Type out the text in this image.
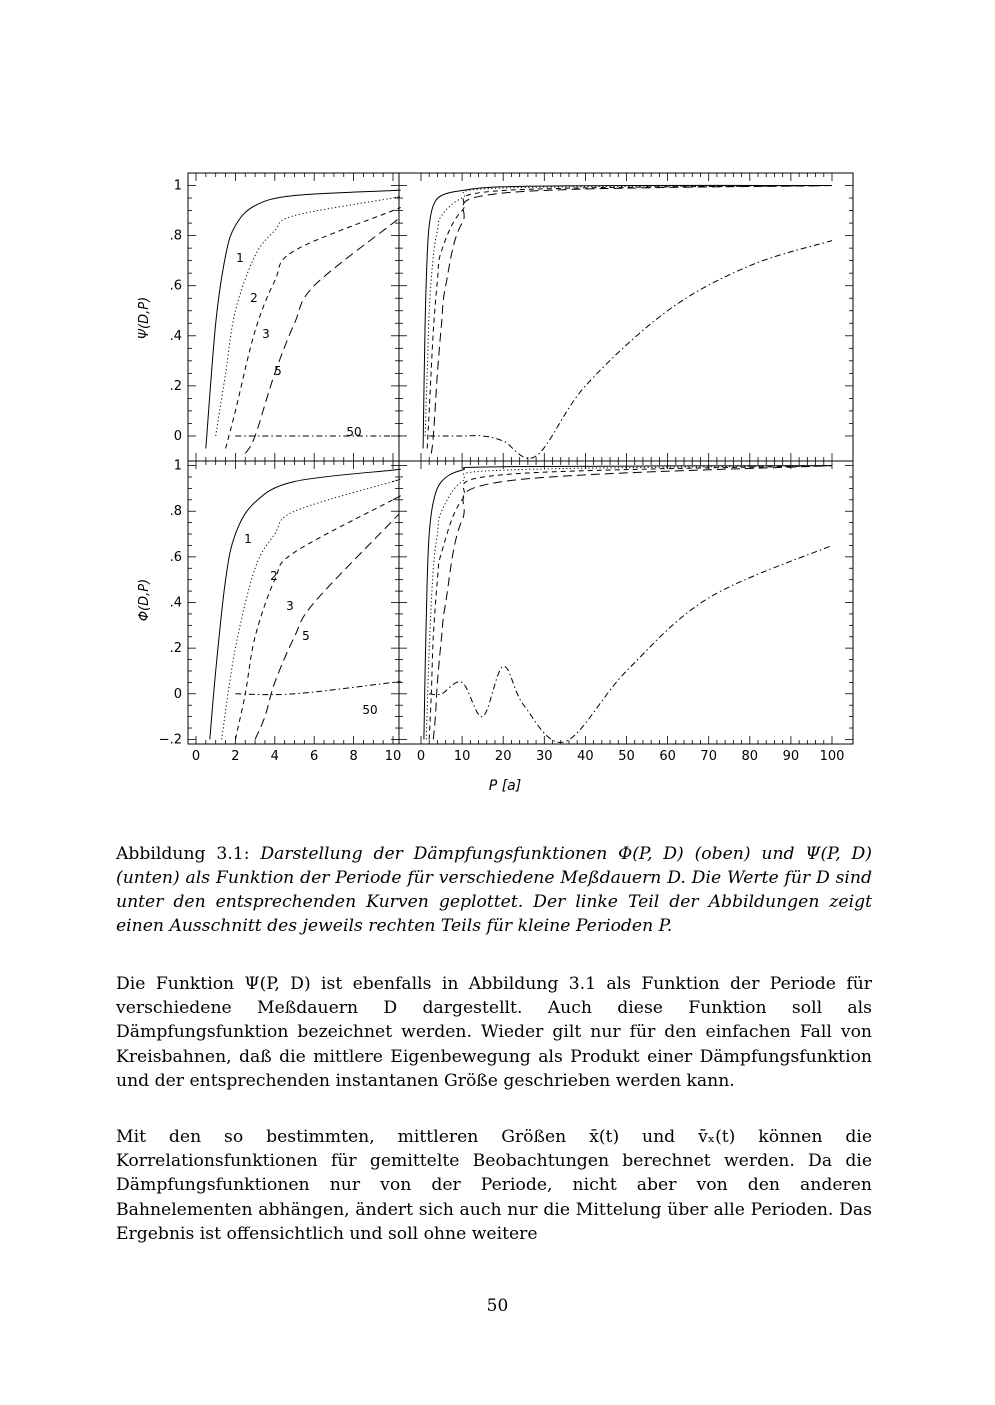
0 2 4 6 8 10 0 10 20 30 40 50 60 70 80 90 100
1
.8
.6
.4
.2
0
1
.8
.6
.4
.2
0
−.2
P [a]
Ψ(D,P)
Φ(D,P)
1
1
2
2
3
3
5
5
50
50
Abbildung 3.1: Darstellung der Dämpfungsfunktionen Φ(P, D) (oben) und Ψ(P, D) (unten) als Funktion der Periode für verschiedene Meßdauern D. Die Werte für D sind unter den entsprechenden Kurven geplottet. Der linke Teil der Abbildungen zeigt einen Ausschnitt des jeweils rechten Teils für kleine Perioden P.

Die Funktion Ψ(P, D) ist ebenfalls in Abbildung 3.1 als Funktion der Periode für verschiedene Meßdauern D dargestellt. Auch diese Funktion soll als Dämpfungsfunktion bezeichnet werden. Wieder gilt nur für den einfachen Fall von Kreisbahnen, daß die mittlere Eigenbewegung als Produkt einer Dämpfungsfunktion und der entsprechenden instantanen Größe geschrieben werden kann.

Mit den so bestimmten, mittleren Größen x̄(t) und v̄ₓ(t) können die Korrelationsfunktionen für gemittelte Beobachtungen berechnet werden. Da die Dämpfungsfunktionen nur von der Periode, nicht aber von den anderen Bahnelementen abhängen, ändert sich auch nur die Mittelung über alle Perioden. Das Ergebnis ist offensichtlich und soll ohne weitere

50
